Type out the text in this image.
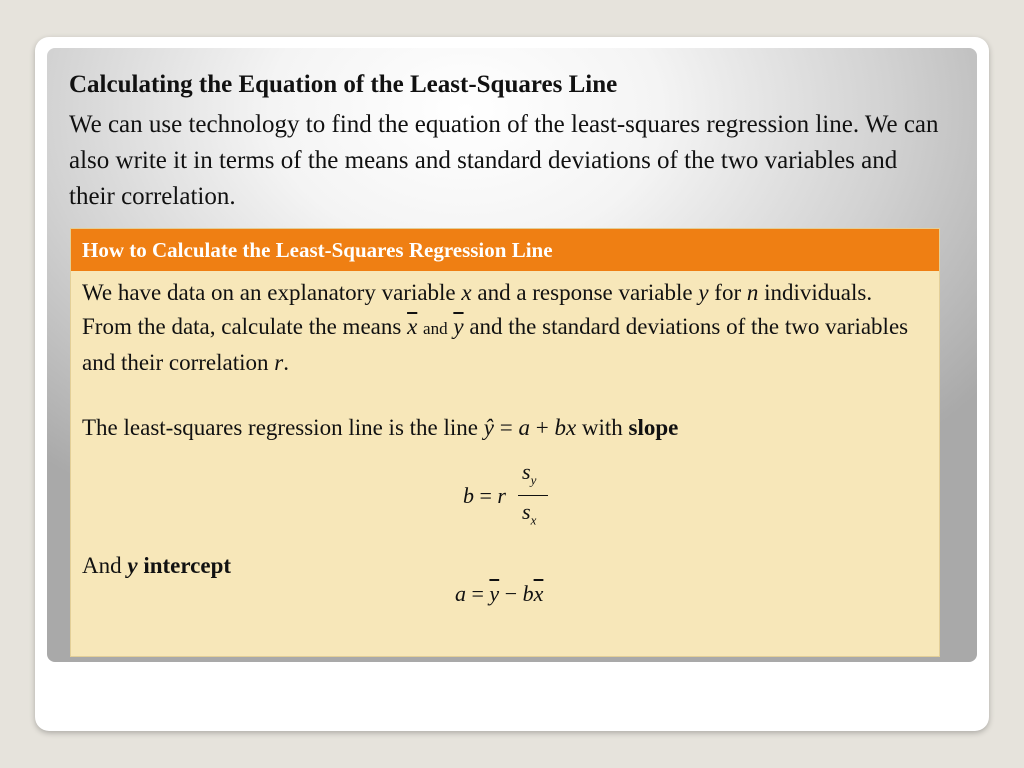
Calculating the Equation of the Least-Squares Line
We can use technology to find the equation of the least-squares regression line. We can also write it in terms of the means and standard deviations of the two variables and their correlation.
How to Calculate the Least-Squares Regression Line
We have data on an explanatory variable x and a response variable y for n individuals. From the data, calculate the means $\overline{x}$ and $\overline{y}$ and the standard deviations of the two variables and their correlation r.
The least-squares regression line is the line ŷ = a + bx with slope
b = r
$s_y$
$s_x$
And y intercept
$a = \overline{y} - b\overline{x}$
